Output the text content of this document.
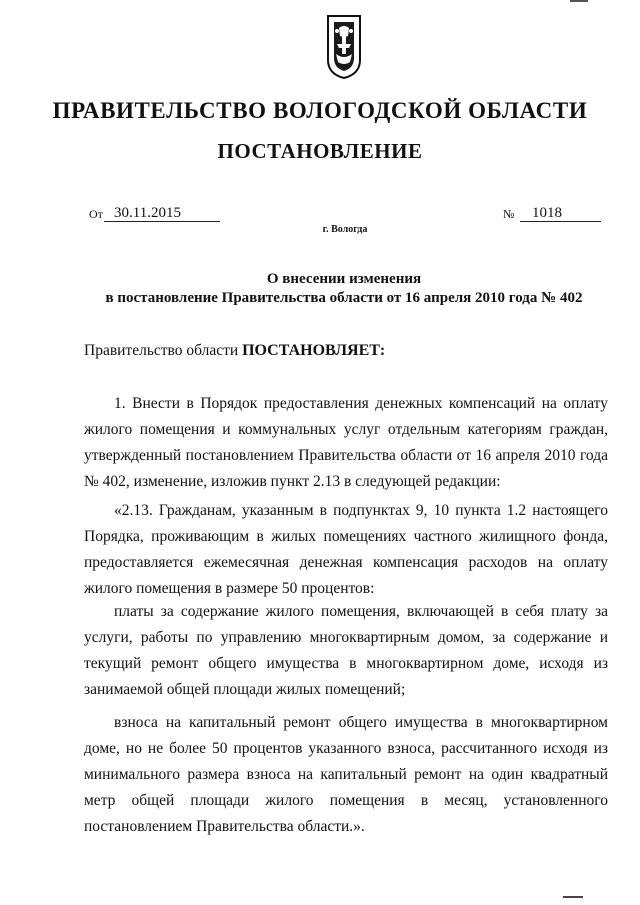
ПРАВИТЕЛЬСТВО ВОЛОГОДСКОЙ ОБЛАСТИ
ПОСТАНОВЛЕНИЕ
От 30.11.2015	№	1018
г. Вологда
О внесении изменения
в постановление Правительства области от 16 апреля 2010 года № 402
Правительство области ПОСТАНОВЛЯЕТ:

1. Внести в Порядок предоставления денежных компенсаций на оплату жилого помещения и коммунальных услуг отдельным категориям граждан, утвержденный постановлением Правительства области от 16 апреля 2010 года № 402, изменение, изложив пункт 2.13 в следующей редакции:

«2.13. Гражданам, указанным в подпунктах 9, 10 пункта 1.2 настоящего Порядка, проживающим в жилых помещениях частного жилищного фонда, предоставляется ежемесячная денежная компенсация расходов на оплату жилого помещения в размере 50 процентов:

платы за содержание жилого помещения, включающей в себя плату за услуги, работы по управлению многоквартирным домом, за содержание и текущий ремонт общего имущества в многоквартирном доме, исходя из занимаемой общей площади жилых помещений;

взноса на капитальный ремонт общего имущества в многоквартирном доме, но не более 50 процентов указанного взноса, рассчитанного исходя из минимального размера взноса на капитальный ремонт на один квадратный метр общей площади жилого помещения в месяц, установленного постановлением Правительства области.».
